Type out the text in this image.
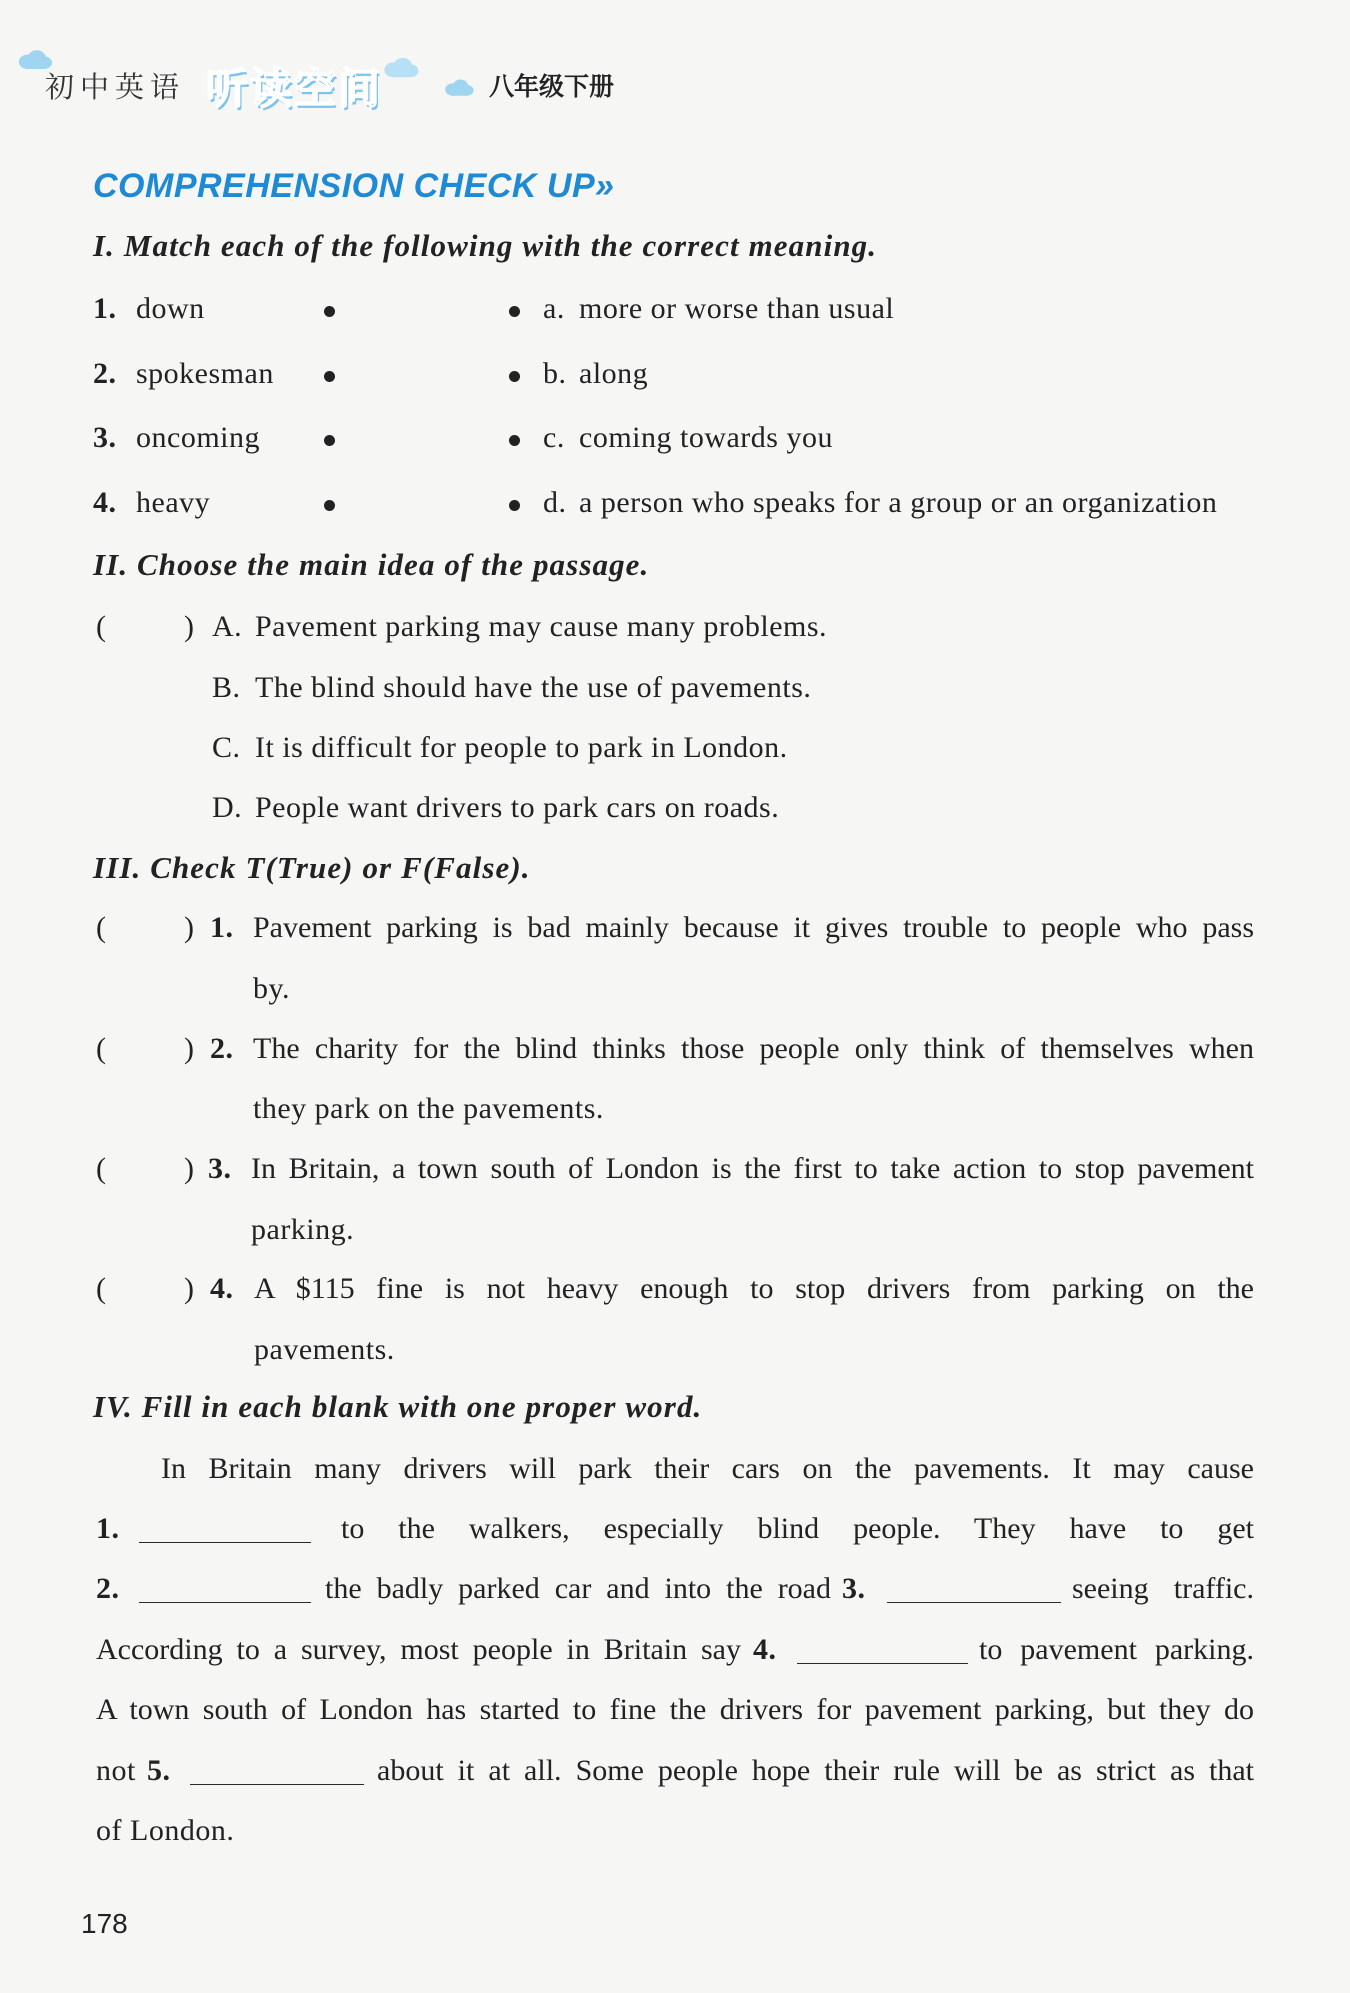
初中英语 听读空间	八年级下册
COMPREHENSION CHECK UP »
I. Match each of the following with the correct meaning.
1. down	a. more or worse than usual
2. spokesman	b. along
3. oncoming	c. coming towards you
4. heavy	d. a person who speaks for a group or an organization
II. Choose the main idea of the passage.
(	) A. Pavement parking may cause many problems.
B. The blind should have the use of pavements.
C. It is difficult for people to park in London.
D. People want drivers to park cars on roads.
III. Check T(True) or F(False).
(	) 1. Pavement parking is bad mainly because it gives trouble to people who pass
by.
(	) 2. The charity for the blind thinks those people only think of themselves when
they park on the pavements.
(	) 3. In Britain, a town south of London is the first to take action to stop pavement
parking.
(	) 4. A $115 fine is not heavy enough to stop drivers from parking on the
pavements.
IV. Fill in each blank with one proper word.
In Britain many drivers will park their cars on the pavements. It may cause
1.	to the walkers, especially blind people. They have to get
2.	the badly parked car and into the road 3.	seeing traffic.
According to a survey, most people in Britain say 4.	to pavement parking.
A town south of London has started to fine the drivers for pavement parking, but they do
not 5.	about it at all. Some people hope their rule will be as strict as that
of London.
178
